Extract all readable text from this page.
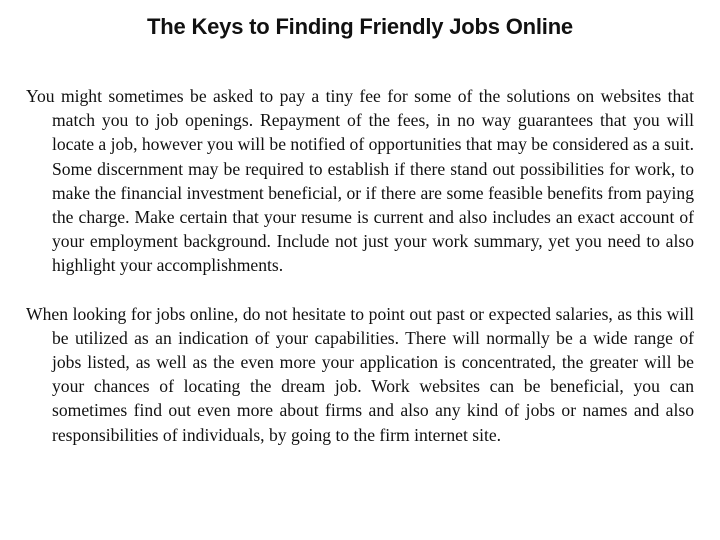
The Keys to Finding Friendly Jobs Online

You might sometimes be asked to pay a tiny fee for some of the solutions on websites that match you to job openings. Repayment of the fees, in no way guarantees that you will locate a job, however you will be notified of opportunities that may be considered as a suit. Some discernment may be required to establish if there stand out possibilities for work, to make the financial investment beneficial, or if there are some feasible benefits from paying the charge. Make certain that your resume is current and also includes an exact account of your employment background. Include not just your work summary, yet you need to also highlight your accomplishments.

When looking for jobs online, do not hesitate to point out past or expected salaries, as this will be utilized as an indication of your capabilities. There will normally be a wide range of jobs listed, as well as the even more your application is concentrated, the greater will be your chances of locating the dream job. Work websites can be beneficial, you can sometimes find out even more about firms and also any kind of jobs or names and also responsibilities of individuals, by going to the firm internet site.
